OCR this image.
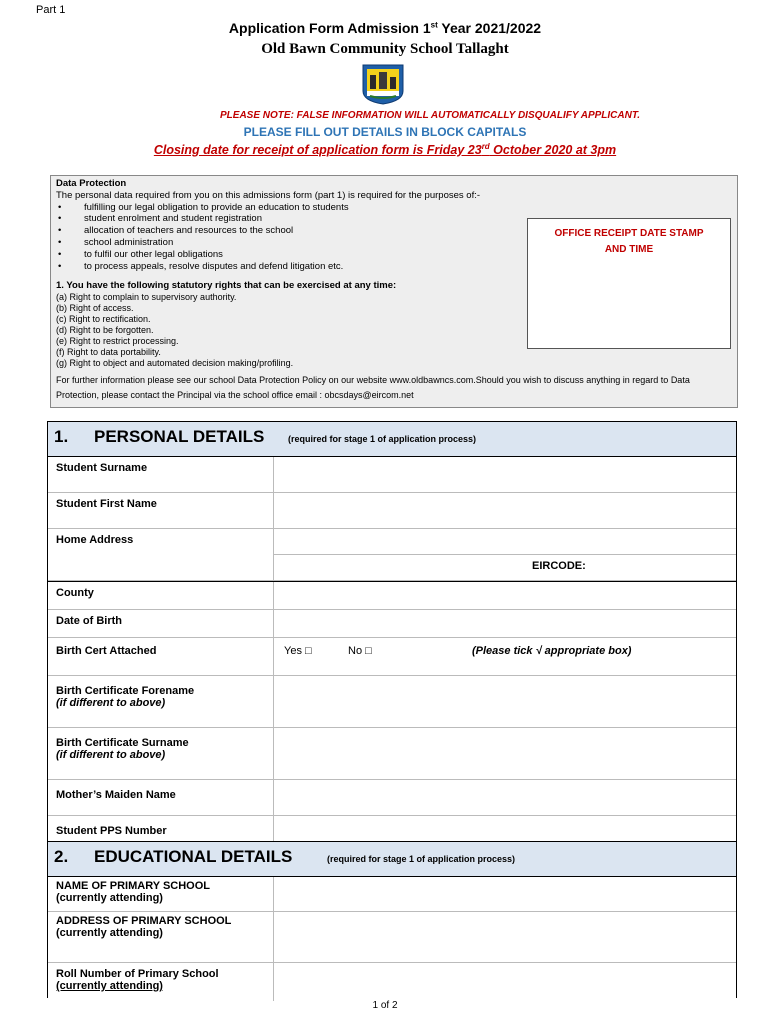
Part 1
Application Form Admission 1st Year 2021/2022
Old Bawn Community School Tallaght
PLEASE NOTE: FALSE INFORMATION WILL AUTOMATICALLY DISQUALIFY APPLICANT.
PLEASE FILL OUT DETAILS IN BLOCK CAPITALS
Closing date for receipt of application form is Friday 23rd October 2020 at 3pm
Data Protection
The personal data required from you on this admissions form (part 1) is required for the purposes of:-
• fulfilling our legal obligation to provide an education to students
• student enrolment and student registration
• allocation of teachers and resources to the school
• school administration
• to fulfil our other legal obligations
• to process appeals, resolve disputes and defend litigation etc.
1. You have the following statutory rights that can be exercised at any time:
(a) Right to complain to supervisory authority.
(b) Right of access.
(c) Right to rectification.
(d) Right to be forgotten.
(e) Right to restrict processing.
(f) Right to data portability.
(g) Right to object and automated decision making/profiling.
For further information please see our school Data Protection Policy on our website www.oldbawncs.com.Should you wish to discuss anything in regard to Data Protection, please contact the Principal via the school office email : obcsdays@eircom.net
OFFICE RECEIPT DATE STAMP
AND TIME
1. PERSONAL DETAILS	(required for stage 1 of application process)
Student Surname
Student First Name
Home Address
EIRCODE:
County
Date of Birth
Birth Cert Attached	Yes □	No □	(Please tick √ appropriate box)
Birth Certificate Forename
(if different to above)
Birth Certificate Surname
(if different to above)
Mother’s Maiden Name
Student PPS Number
2. EDUCATIONAL DETAILS	(required for stage 1 of application process)
NAME OF PRIMARY SCHOOL
(currently attending)
ADDRESS OF PRIMARY SCHOOL
(currently attending)
Roll Number of Primary School
(currently attending)
1 of 2
